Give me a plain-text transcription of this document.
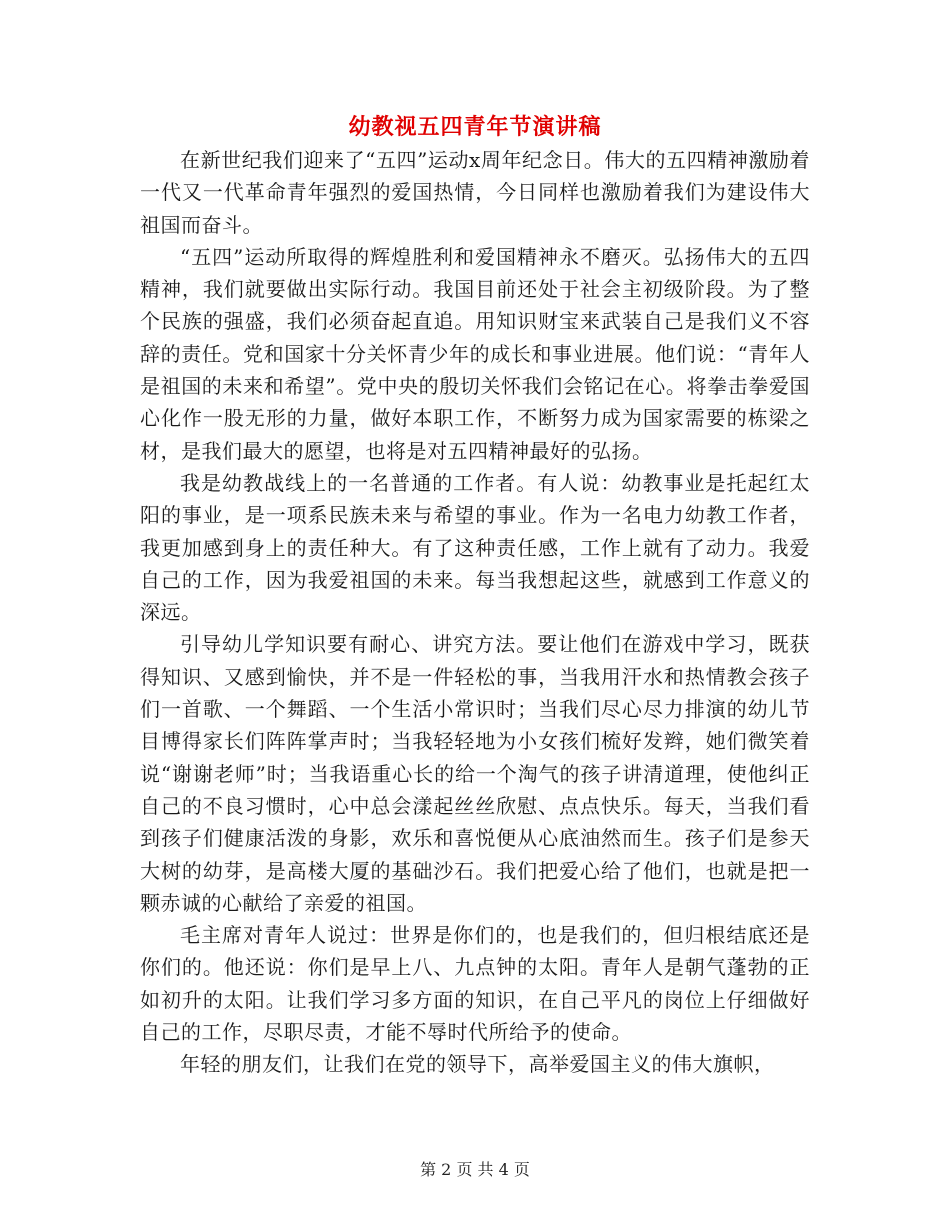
幼教视五四青年节演讲稿

在新世纪我们迎来了“五四”运动x周年纪念日。伟大的五四精神激励着一代又一代革命青年强烈的爱国热情，今日同样也激励着我们为建设伟大祖国而奋斗。

“五四”运动所取得的辉煌胜利和爱国精神永不磨灭。弘扬伟大的五四精神，我们就要做出实际行动。我国目前还处于社会主初级阶段。为了整个民族的强盛，我们必须奋起直追。用知识财宝来武装自己是我们义不容辞的责任。党和国家十分关怀青少年的成长和事业进展。他们说：“青年人是祖国的未来和希望”。党中央的殷切关怀我们会铭记在心。将拳击拳爱国心化作一股无形的力量，做好本职工作，不断努力成为国家需要的栋梁之材，是我们最大的愿望，也将是对五四精神最好的弘扬。

我是幼教战线上的一名普通的工作者。有人说：幼教事业是托起红太阳的事业，是一项系民族未来与希望的事业。作为一名电力幼教工作者，我更加感到身上的责任种大。有了这种责任感，工作上就有了动力。我爱自己的工作，因为我爱祖国的未来。每当我想起这些，就感到工作意义的深远。

引导幼儿学知识要有耐心、讲究方法。要让他们在游戏中学习，既获得知识、又感到愉快，并不是一件轻松的事，当我用汗水和热情教会孩子们一首歌、一个舞蹈、一个生活小常识时；当我们尽心尽力排演的幼儿节目博得家长们阵阵掌声时；当我轻轻地为小女孩们梳好发辫，她们微笑着说“谢谢老师”时；当我语重心长的给一个淘气的孩子讲清道理，使他纠正自己的不良习惯时，心中总会漾起丝丝欣慰、点点快乐。每天，当我们看到孩子们健康活泼的身影，欢乐和喜悦便从心底油然而生。孩子们是参天大树的幼芽，是高楼大厦的基础沙石。我们把爱心给了他们，也就是把一颗赤诚的心献给了亲爱的祖国。

毛主席对青年人说过：世界是你们的，也是我们的，但归根结底还是你们的。他还说：你们是早上八、九点钟的太阳。青年人是朝气蓬勃的正如初升的太阳。让我们学习多方面的知识，在自己平凡的岗位上仔细做好自己的工作，尽职尽责，才能不辱时代所给予的使命。

年轻的朋友们，让我们在党的领导下，高举爱国主义的伟大旗帜，

第 2 页 共 4 页
